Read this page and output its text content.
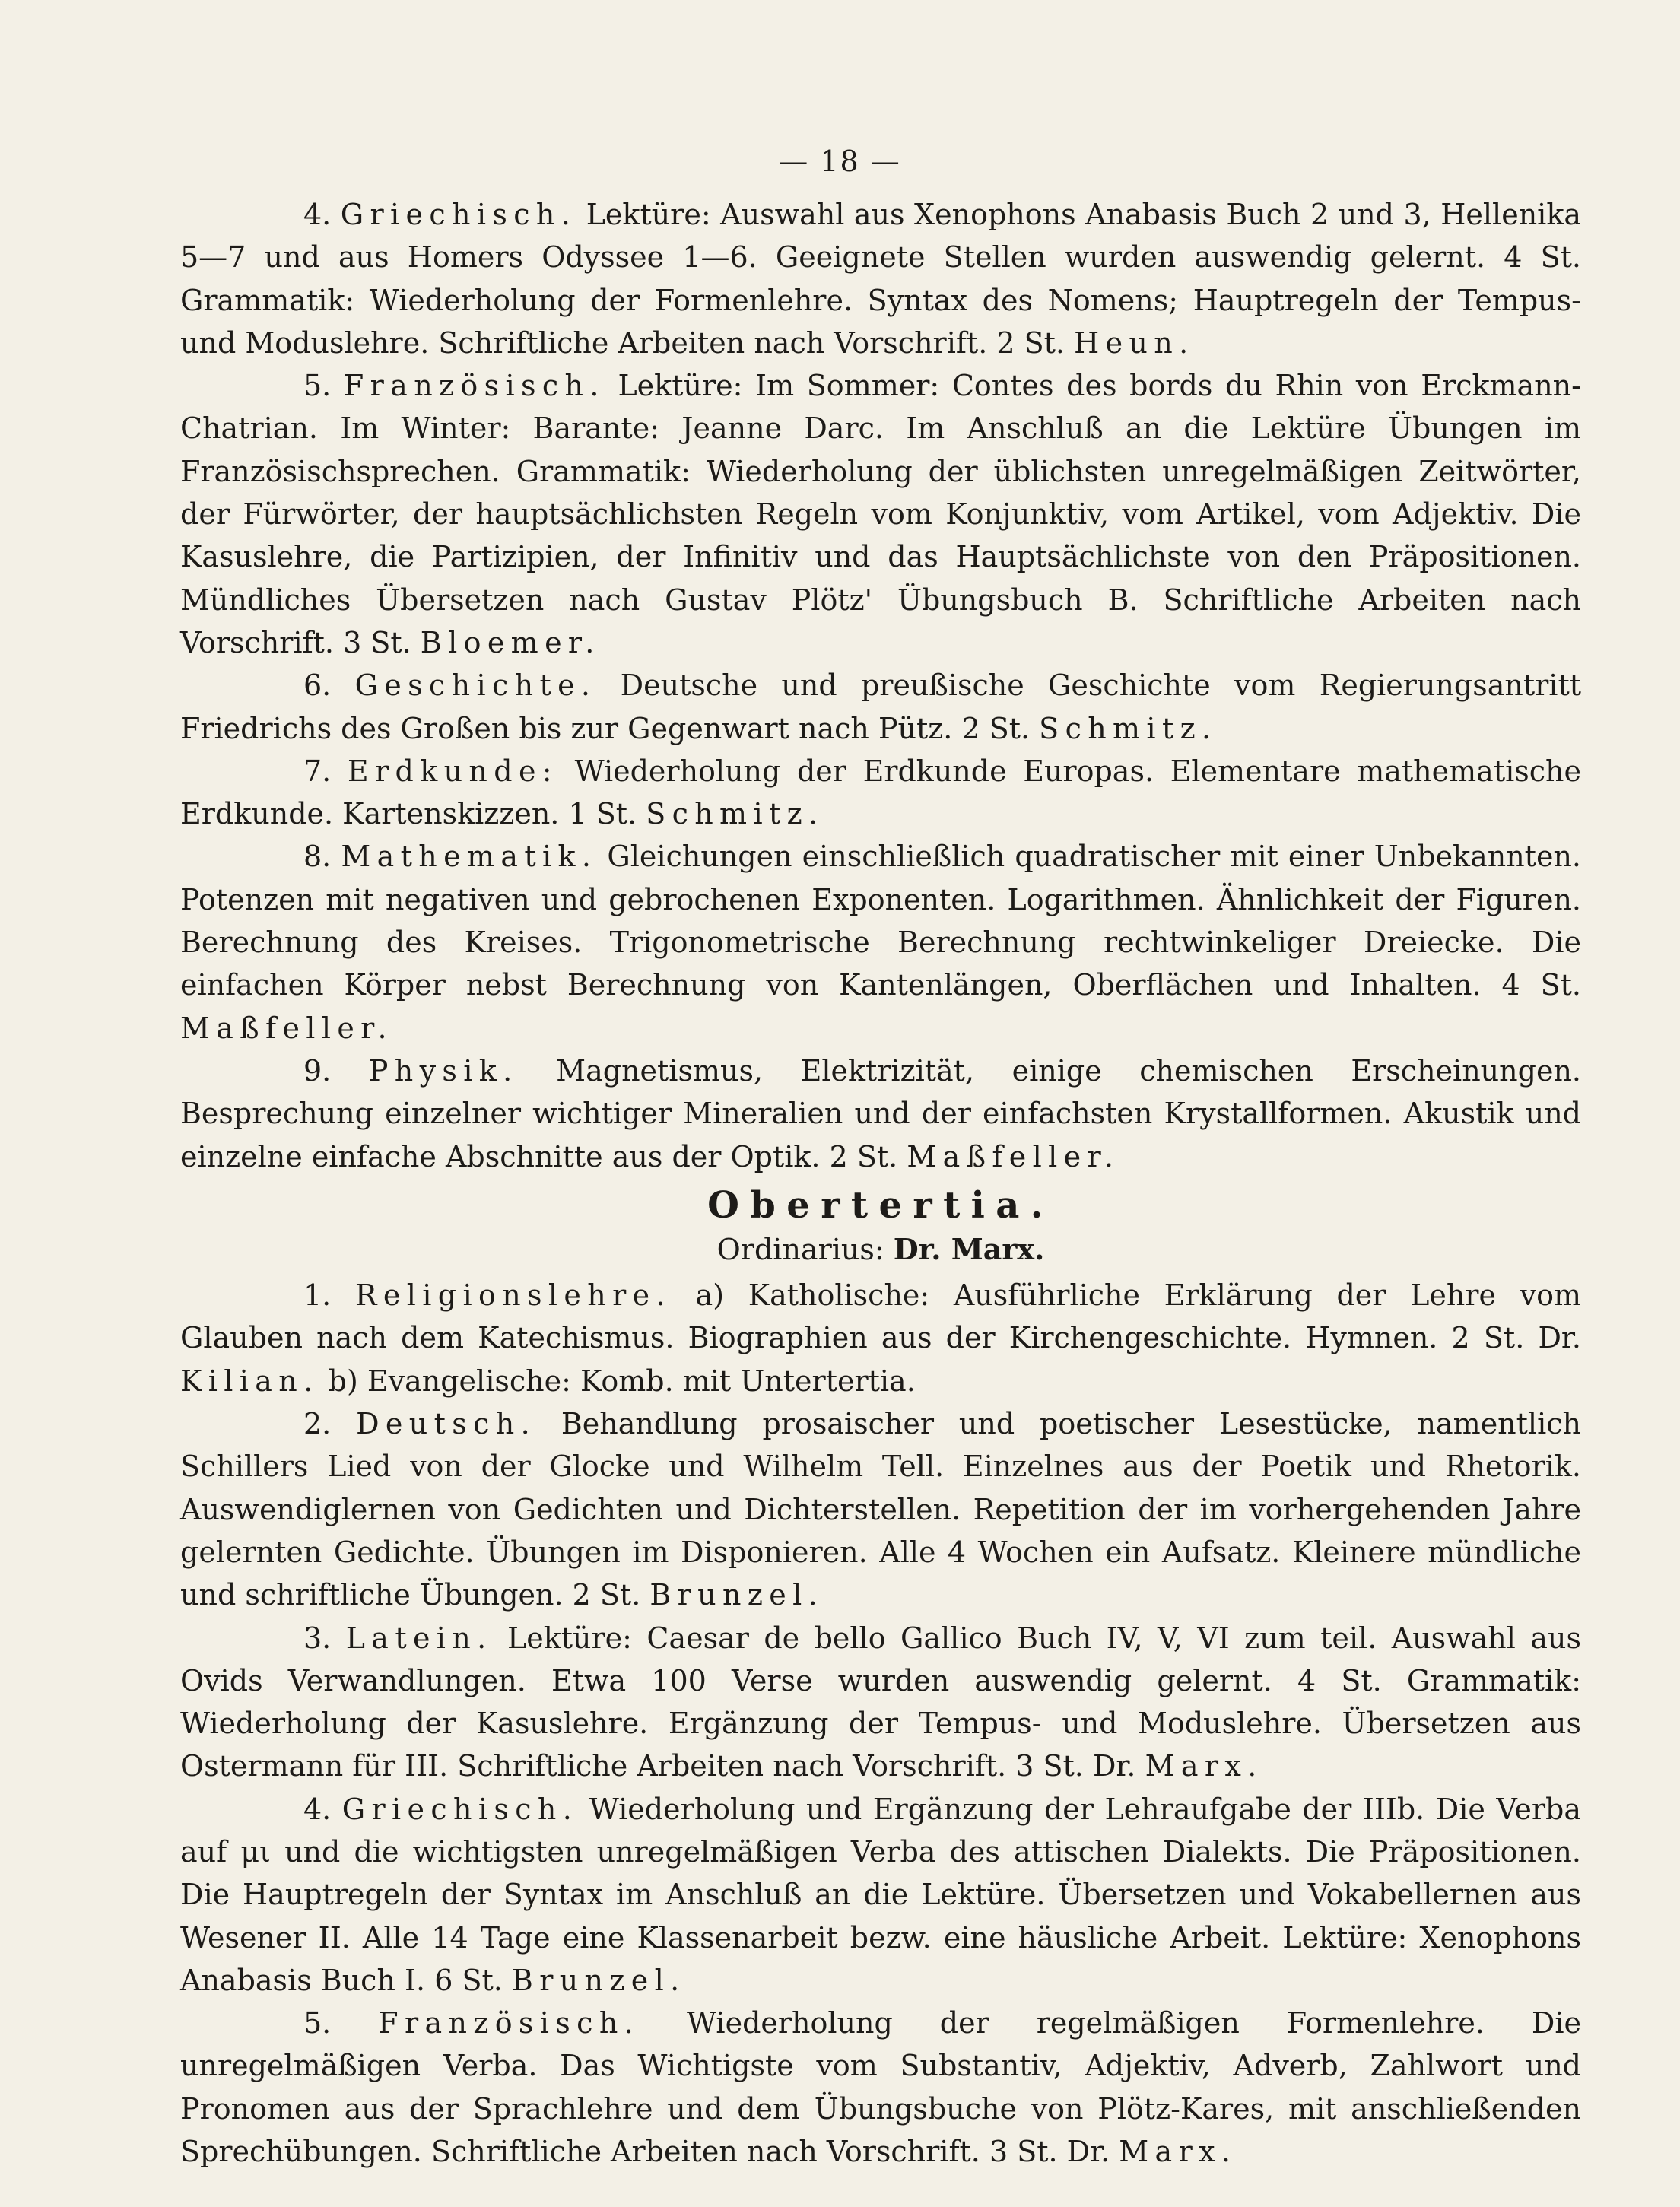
— 18 —

4. Griechisch. Lektüre: Auswahl aus Xenophons Anabasis Buch 2 und 3, Hellenika 5—7 und aus Homers Odyssee 1—6. Geeignete Stellen wurden auswendig gelernt. 4 St. Grammatik: Wiederholung der Formenlehre. Syntax des Nomens; Hauptregeln der Tempus- und Moduslehre. Schriftliche Arbeiten nach Vorschrift. 2 St. Heun.

5. Französisch. Lektüre: Im Sommer: Contes des bords du Rhin von Erckmann-Chatrian. Im Winter: Barante: Jeanne Darc. Im Anschluß an die Lektüre Übungen im Französischsprechen. Grammatik: Wiederholung der üblichsten unregelmäßigen Zeitwörter, der Fürwörter, der hauptsächlichsten Regeln vom Konjunktiv, vom Artikel, vom Adjektiv. Die Kasuslehre, die Partizipien, der Infinitiv und das Hauptsächlichste von den Präpositionen. Mündliches Übersetzen nach Gustav Plötz' Übungsbuch B. Schriftliche Arbeiten nach Vorschrift. 3 St. Bloemer.

6. Geschichte. Deutsche und preußische Geschichte vom Regierungsantritt Friedrichs des Großen bis zur Gegenwart nach Pütz. 2 St. Schmitz.

7. Erdkunde: Wiederholung der Erdkunde Europas. Elementare mathematische Erdkunde. Kartenskizzen. 1 St. Schmitz.

8. Mathematik. Gleichungen einschließlich quadratischer mit einer Unbekannten. Potenzen mit negativen und gebrochenen Exponenten. Logarithmen. Ähnlichkeit der Figuren. Berechnung des Kreises. Trigonometrische Berechnung rechtwinkeliger Dreiecke. Die einfachen Körper nebst Berechnung von Kantenlängen, Oberflächen und Inhalten. 4 St. Maßfeller.

9. Physik. Magnetismus, Elektrizität, einige chemischen Erscheinungen. Besprechung einzelner wichtiger Mineralien und der einfachsten Krystallformen. Akustik und einzelne einfache Abschnitte aus der Optik. 2 St. Maßfeller.

Obertertia.

Ordinarius: Dr. Marx.

1. Religionslehre. a) Katholische: Ausführliche Erklärung der Lehre vom Glauben nach dem Katechismus. Biographien aus der Kirchengeschichte. Hymnen. 2 St. Dr. Kilian. b) Evangelische: Komb. mit Untertertia.

2. Deutsch. Behandlung prosaischer und poetischer Lesestücke, namentlich Schillers Lied von der Glocke und Wilhelm Tell. Einzelnes aus der Poetik und Rhetorik. Auswendiglernen von Gedichten und Dichterstellen. Repetition der im vorhergehenden Jahre gelernten Gedichte. Übungen im Disponieren. Alle 4 Wochen ein Aufsatz. Kleinere mündliche und schriftliche Übungen. 2 St. Brunzel.

3. Latein. Lektüre: Caesar de bello Gallico Buch IV, V, VI zum teil. Auswahl aus Ovids Verwandlungen. Etwa 100 Verse wurden auswendig gelernt. 4 St. Grammatik: Wiederholung der Kasuslehre. Ergänzung der Tempus- und Moduslehre. Übersetzen aus Ostermann für III. Schriftliche Arbeiten nach Vorschrift. 3 St. Dr. Marx.

4. Griechisch. Wiederholung und Ergänzung der Lehraufgabe der IIIb. Die Verba auf μι und die wichtigsten unregelmäßigen Verba des attischen Dialekts. Die Präpositionen. Die Hauptregeln der Syntax im Anschluß an die Lektüre. Übersetzen und Vokabellernen aus Wesener II. Alle 14 Tage eine Klassenarbeit bezw. eine häusliche Arbeit. Lektüre: Xenophons Anabasis Buch I. 6 St. Brunzel.

5. Französisch. Wiederholung der regelmäßigen Formenlehre. Die unregelmäßigen Verba. Das Wichtigste vom Substantiv, Adjektiv, Adverb, Zahlwort und Pronomen aus der Sprachlehre und dem Übungsbuche von Plötz-Kares, mit anschließenden Sprechübungen. Schriftliche Arbeiten nach Vorschrift. 3 St. Dr. Marx.
